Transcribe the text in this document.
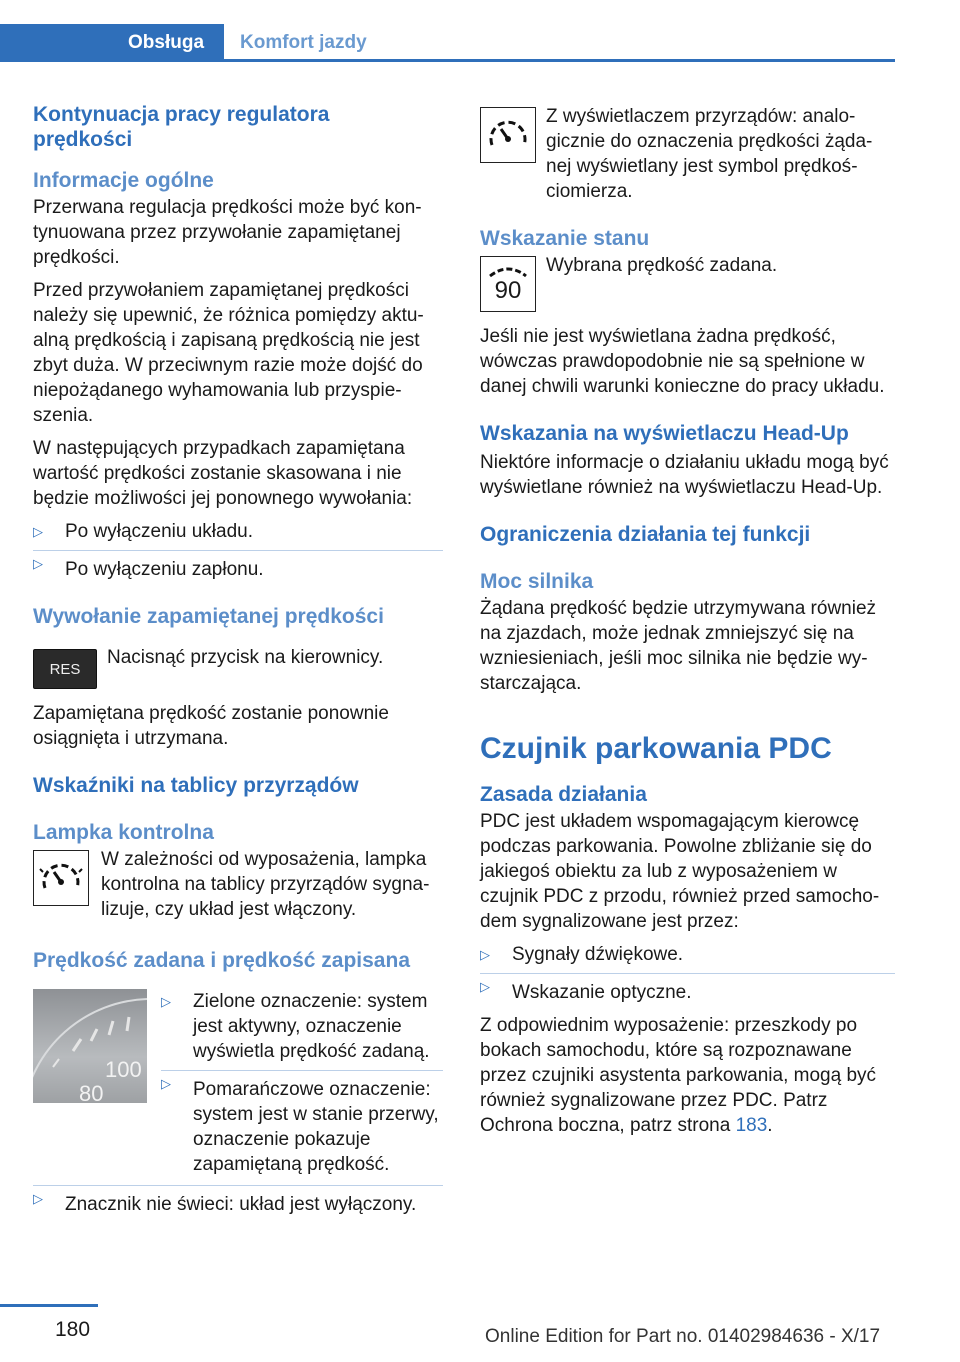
Obsługa	Komfort jazdy
Kontynuacja pracy regulatora prędkości
Informacje ogólne

Przerwana regulacja prędkości może być kontynuowana przez przywołanie zapamiętanej prędkości.

Przed przywołaniem zapamiętanej prędkości należy się upewnić, że różnica pomiędzy aktualną prędkością i zapisaną prędkością nie jest zbyt duża. W przeciwnym razie może dojść do niepożądanego wyhamowania lub przyspieszenia.

W następujących przypadkach zapamiętana wartość prędkości zostanie skasowana i nie będzie możliwości jej ponownego wywołania:

▷ Po wyłączeniu układu.
▷ Po wyłączeniu zapłonu.
Wywołanie zapamiętanej prędkości
RES

Nacisnąć przycisk na kierownicy.

Zapamiętana prędkość zostanie ponownie osiągnięta i utrzymana.

Wskaźniki na tablicy przyrządów
Lampka kontrolna

W zależności od wyposażenia, lampka kontrolna na tablicy przyrządów sygnalizuje, czy układ jest włączony.

Prędkość zadana i prędkość zapisana
100
80
▷ Zielone oznaczenie: system jest aktywny, oznaczenie wyświetla prędkość zadaną.
▷ Pomarańczowe oznaczenie: system jest w stanie przerwy, oznaczenie pokazuje zapamiętaną prędkość.
▷ Znacznik nie świeci: układ jest wyłączony.

Z wyświetlaczem przyrządów: analogicznie do oznaczenia prędkości żądanej wyświetlany jest symbol prędkościomierza.

Wskazanie stanu
90

Wybrana prędkość zadana.

Jeśli nie jest wyświetlana żadna prędkość, wówczas prawdopodobnie nie są spełnione w danej chwili warunki konieczne do pracy układu.

Wskazania na wyświetlaczu Head-Up

Niektóre informacje o działaniu układu mogą być wyświetlane również na wyświetlaczu Head-Up.

Ograniczenia działania tej funkcji
Moc silnika

Żądana prędkość będzie utrzymywana również na zjazdach, może jednak zmniejszyć się na wzniesieniach, jeśli moc silnika nie będzie wystarczająca.

Czujnik parkowania PDC
Zasada działania

PDC jest układem wspomagającym kierowcę podczas parkowania. Powolne zbliżanie się do jakiegoś obiektu za lub z wyposażeniem w czujnik PDC z przodu, również przed samochodem sygnalizowane jest przez:

▷ Sygnały dźwiękowe.
▷ Wskazanie optyczne.

Z odpowiednim wyposażenie: przeszkody po bokach samochodu, które są rozpoznawane przez czujniki asystenta parkowania, mogą być również sygnalizowane przez PDC. Patrz Ochrona boczna, patrz strona 183.

180	Online Edition for Part no. 01402984636 - X/17
